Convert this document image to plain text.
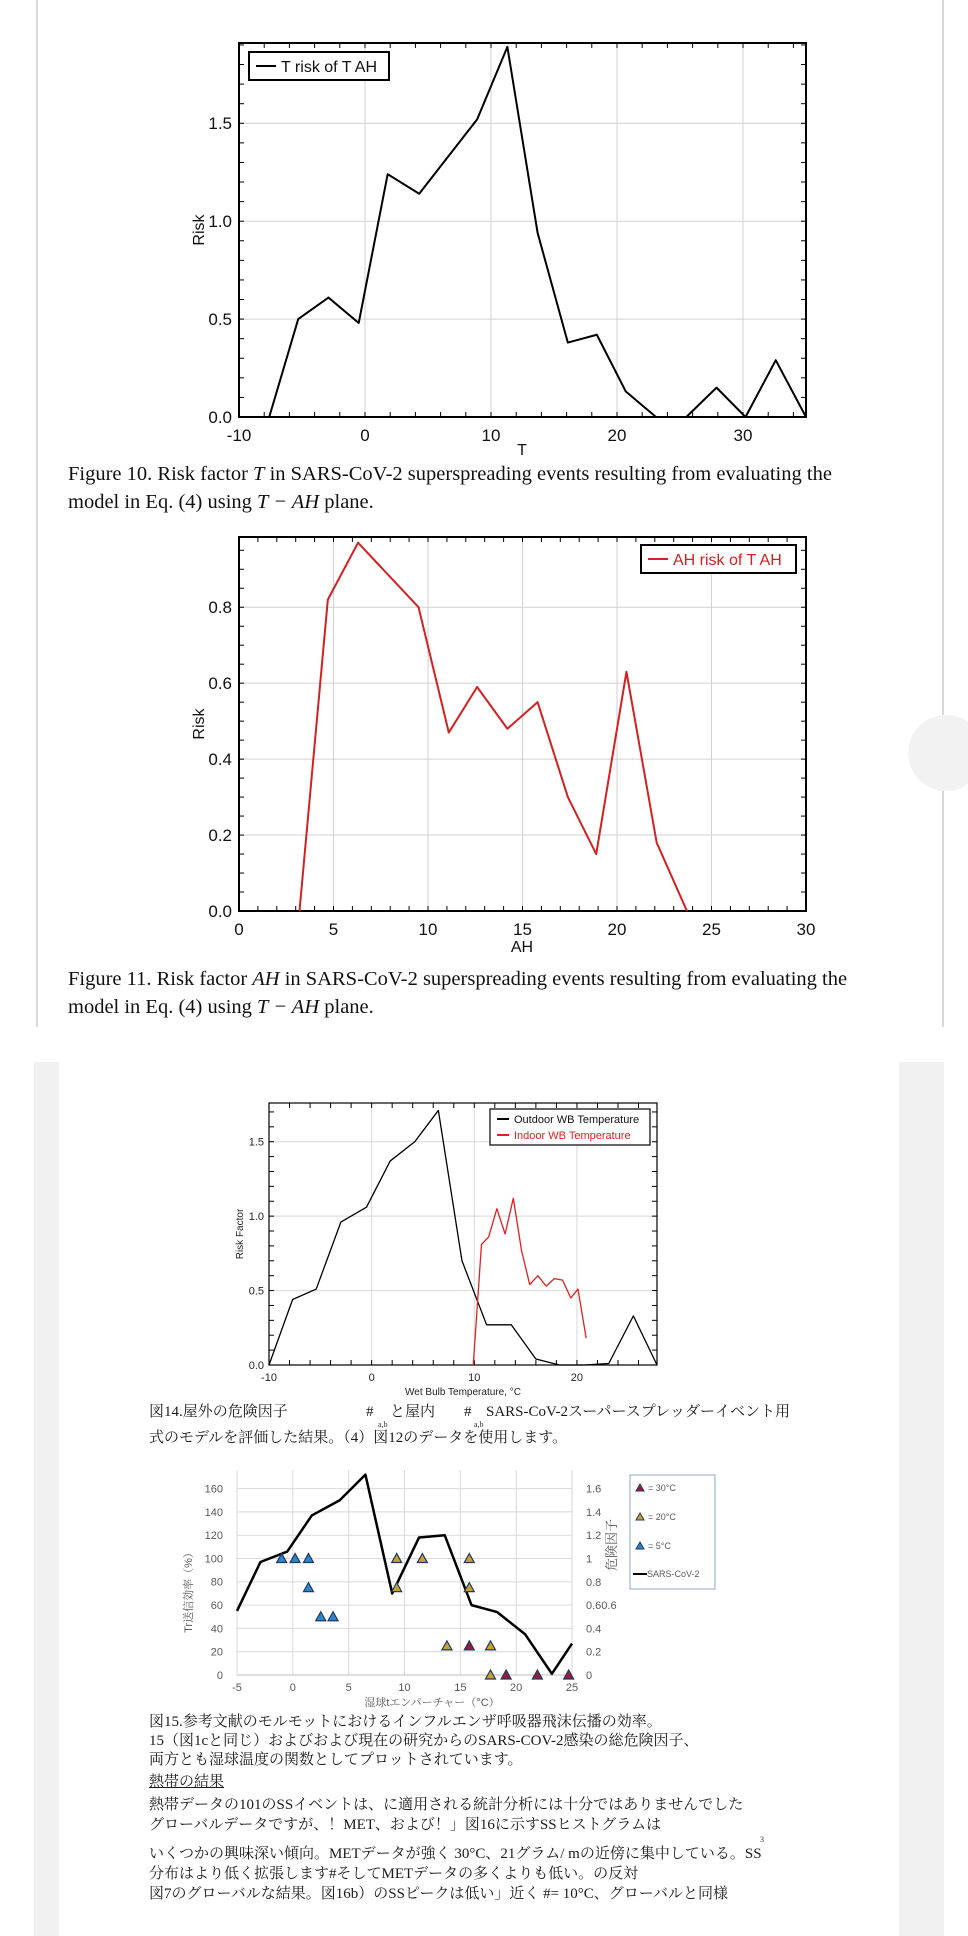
Figure 10. Risk factor T in SARS-CoV-2 superspreading events resulting from evaluating the
model in Eq. (4) using T − AH plane.
Figure 11. Risk factor AH in SARS-CoV-2 superspreading events resulting from evaluating the
model in Eq. (4) using T − AH plane.
図14.屋外の危険因子	#
a,b
と屋内 #
a,b
SARS-CoV-2スーパースプレッダーイベント用
式のモデルを評価した結果。（4）図12のデータを使用します。
図15.参考文献のモルモットにおけるインフルエンザ呼吸器飛沫伝播の効率。
15（図1cと同じ）およびおよび現在の研究からのSARS-COV-2感染の総危険因子、
両方とも湿球温度の関数としてプロットされています。
熱帯の結果
熱帯データの101のSSイベントは、に適用される統計分析には十分ではありませんでした
グローバルデータですが、！MET、および！」図16に示すSSヒストグラムは
3
いくつかの興味深い傾向。METデータが強く 30°C、21グラム/ mの近傍に集中している。SS
分布はより低く拡張します#そしてMETデータの多くよりも低い。の反対
図7のグローバルな結果。図16b）のSSピークは低い」近く #= 10°C、グローバルと同様
-10	0	10	20	30
0.0
0.5
1.0
1.5
T
Risk
T risk of T AH
0	5	10	15	20	25	30
0.0
0.2
0.4
0.6
0.8
AH
Risk
AH risk of T AH
-10	0	10	20
0.0
0.5
1.0
1.5
Wet Bulb Temperature, °C
Risk Factor
Outdoor WB Temperature
Indoor WB Temperature
-5	0	5	10	15	20	25
0
20
40
60
80
100
120
140
160
0
0.2
0.4
0.60.6
0.8
1
1.2
1.4
1.6
湿球tエンパーチャー（°C）
Tr送信効率（%）
危険因子
= 30°C
= 20°C
= 5°C
SARS-CoV-2
